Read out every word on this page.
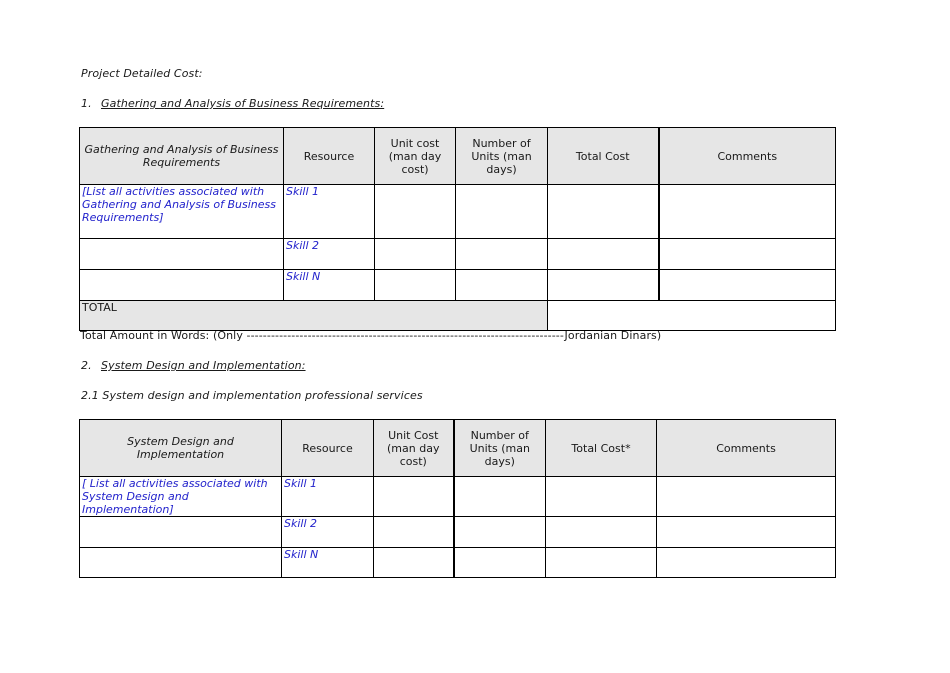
Project Detailed Cost:
1. Gathering and Analysis of Business Requirements:
Gathering and Analysis of Business Requirements	Resource	Unit cost (man day cost)	Number of Units (man days)	Total Cost	Comments
[List all activities associated with Gathering and Analysis of Business Requirements]	Skill 1				
	Skill 2				
	Skill N				
TOTAL					
Total Amount in Words: (Only ------------------------------------------------------------------------------Jordanian Dinars)
2. System Design and Implementation:
2.1 System design and implementation professional services
System Design and Implementation	Resource	Unit Cost (man day cost)	Number of Units (man days)	Total Cost*	Comments
[ List all activities associated with System Design and Implementation]	Skill 1				
	Skill 2				
	Skill N				
